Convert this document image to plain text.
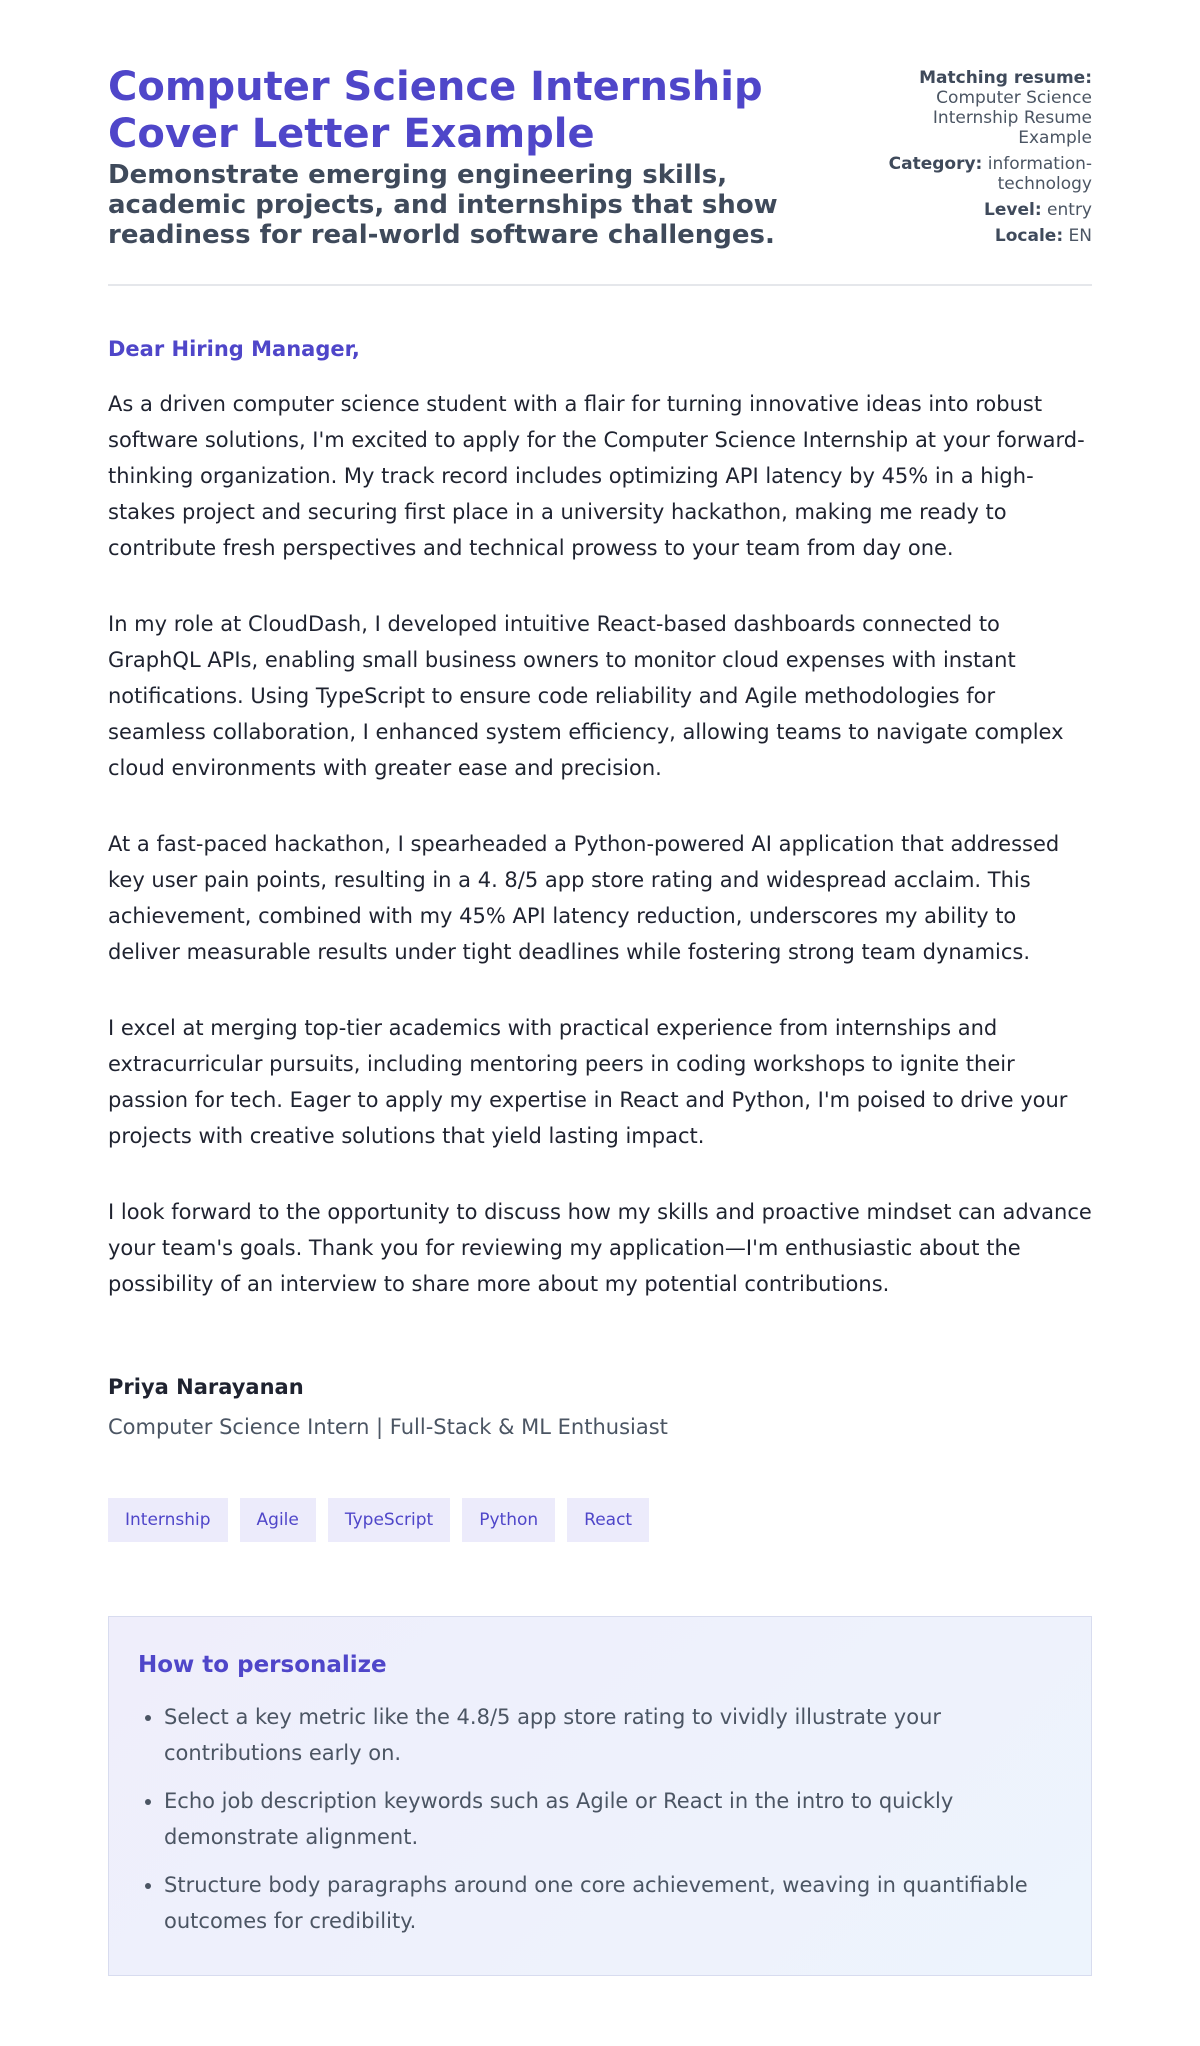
Computer Science Internship Cover Letter Example
Demonstrate emerging engineering skills, academic projects, and internships that show readiness for real-world software challenges.
Matching resume: Computer Science Internship Resume Example
Category: information-technology
Level: entry
Locale: EN

Dear Hiring Manager,

As a driven computer science student with a flair for turning innovative ideas into robust software solutions, I'm excited to apply for the Computer Science Internship at your forward-thinking organization. My track record includes optimizing API latency by 45% in a high-stakes project and securing first place in a university hackathon, making me ready to contribute fresh perspectives and technical prowess to your team from day one.

In my role at CloudDash, I developed intuitive React-based dashboards connected to GraphQL APIs, enabling small business owners to monitor cloud expenses with instant notifications. Using TypeScript to ensure code reliability and Agile methodologies for seamless collaboration, I enhanced system efficiency, allowing teams to navigate complex cloud environments with greater ease and precision.

At a fast-paced hackathon, I spearheaded a Python-powered AI application that addressed key user pain points, resulting in a 4. 8/5 app store rating and widespread acclaim. This achievement, combined with my 45% API latency reduction, underscores my ability to deliver measurable results under tight deadlines while fostering strong team dynamics.

I excel at merging top-tier academics with practical experience from internships and extracurricular pursuits, including mentoring peers in coding workshops to ignite their passion for tech. Eager to apply my expertise in React and Python, I'm poised to drive your projects with creative solutions that yield lasting impact.

I look forward to the opportunity to discuss how my skills and proactive mindset can advance your team's goals. Thank you for reviewing my application—I'm enthusiastic about the possibility of an interview to share more about my potential contributions.

Priya Narayanan
Computer Science Intern | Full-Stack & ML Enthusiast
Internship	Agile	TypeScript	Python	React
How to personalize
• Select a key metric like the 4.8/5 app store rating to vividly illustrate your contributions early on.
• Echo job description keywords such as Agile or React in the intro to quickly demonstrate alignment.
• Structure body paragraphs around one core achievement, weaving in quantifiable outcomes for credibility.
